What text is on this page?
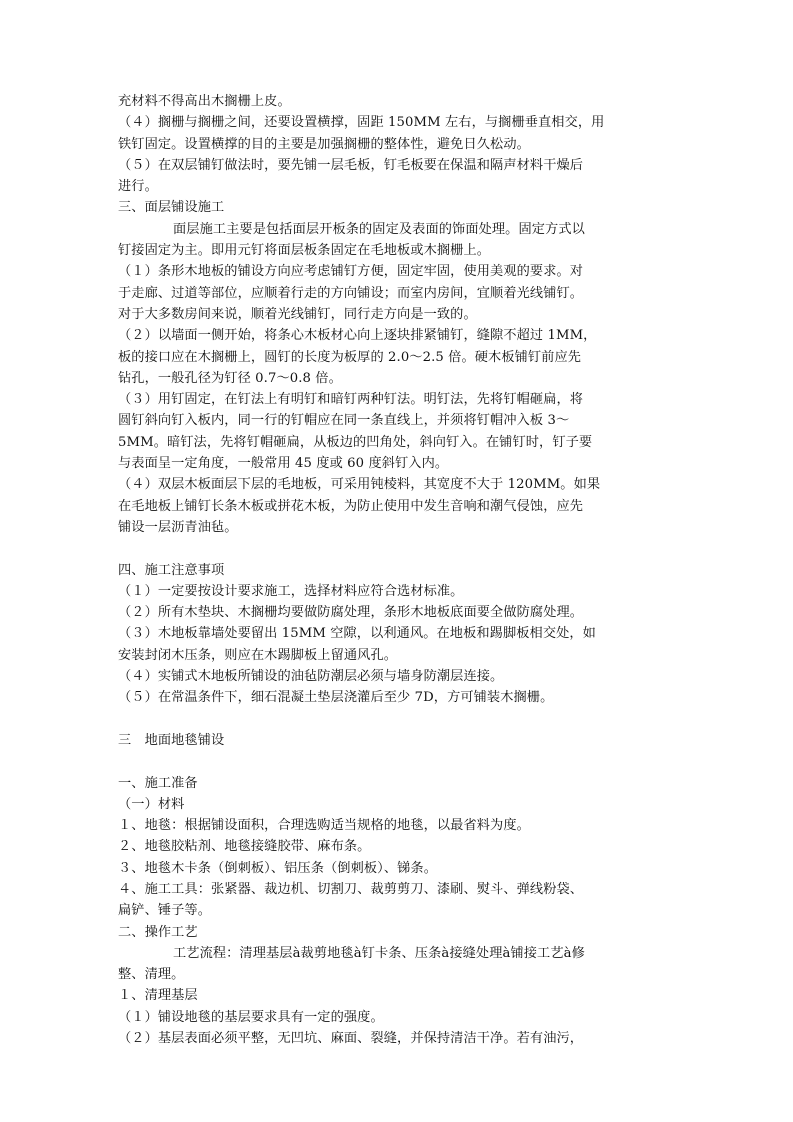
充材料不得高出木搁栅上皮。
（４）搁栅与搁栅之间，还要设置横撑，固距 150MM 左右，与搁栅垂直相交，用
铁钉固定。设置横撑的目的主要是加强搁栅的整体性，避免日久松动。
（５）在双层铺钉做法时，要先铺一层毛板，钉毛板要在保温和隔声材料干燥后
进行。
三、面层铺设施工
面层施工主要是包括面层开板条的固定及表面的饰面处理。固定方式以
钉接固定为主。即用元钉将面层板条固定在毛地板或木搁栅上。
（１）条形木地板的铺设方向应考虑铺钉方便，固定牢固，使用美观的要求。对
于走廊、过道等部位，应顺着行走的方向铺设；而室内房间，宜顺着光线铺钉。
对于大多数房间来说，顺着光线铺钉，同行走方向是一致的。
（２）以墙面一侧开始，将条心木板材心向上逐块排紧铺钉，缝隙不超过 1MM，
板的接口应在木搁栅上，圆钉的长度为板厚的 2.0～2.5 倍。硬木板铺钉前应先
钻孔，一般孔径为钉径 0.7～0.8 倍。
（３）用钉固定，在钉法上有明钉和暗钉两种钉法。明钉法，先将钉帽砸扁，将
圆钉斜向钉入板内，同一行的钉帽应在同一条直线上，并须将钉帽冲入板 3～
5MM。暗钉法，先将钉帽砸扁，从板边的凹角处，斜向钉入。在铺钉时，钉子要
与表面呈一定角度，一般常用 45 度或 60 度斜钉入内。
（４）双层木板面层下层的毛地板，可采用钝棱料，其宽度不大于 120MM。如果
在毛地板上铺钉长条木板或拼花木板，为防止使用中发生音响和潮气侵蚀，应先
铺设一层沥青油毡。
四、施工注意事项
（１）一定要按设计要求施工，选择材料应符合选材标准。
（２）所有木垫块、木搁栅均要做防腐处理，条形木地板底面要全做防腐处理。
（３）木地板靠墙处要留出 15MM 空隙，以利通风。在地板和踢脚板相交处，如
安装封闭木压条，则应在木踢脚板上留通风孔。
（４）实铺式木地板所铺设的油毡防潮层必须与墙身防潮层连接。
（５）在常温条件下，细石混凝土垫层浇灌后至少 7D，方可铺装木搁栅。
三　地面地毯铺设
一、施工准备
（一）材料
１、地毯：根据铺设面积，合理选购适当规格的地毯，以最省料为度。
２、地毯胶粘剂、地毯接缝胶带、麻布条。
３、地毯木卡条（倒刺板）、铝压条（倒刺板）、锑条。
４、施工工具：张紧器、裁边机、切割刀、裁剪剪刀、漆刷、熨斗、弹线粉袋、
扁铲、锤子等。
二、操作工艺
工艺流程：清理基层à裁剪地毯à钉卡条、压条à接缝处理à铺接工艺à修
整、清理。
１、清理基层
（１）铺设地毯的基层要求具有一定的强度。
（２）基层表面必须平整，无凹坑、麻面、裂缝，并保持清洁干净。若有油污，
